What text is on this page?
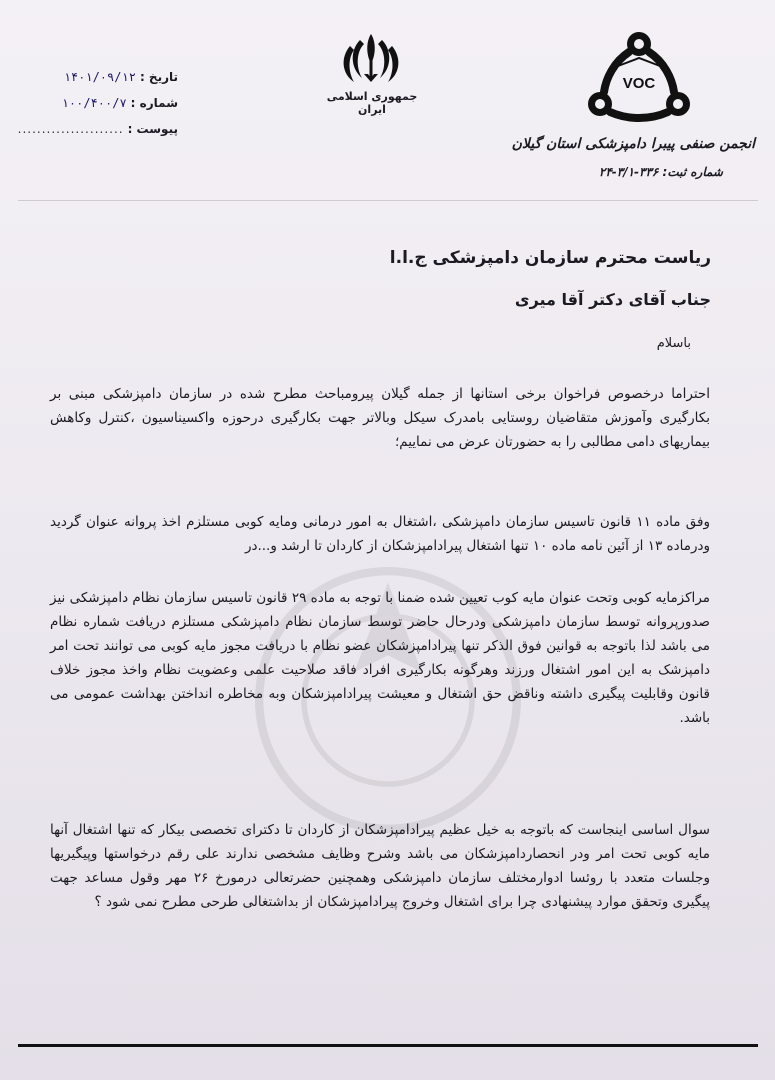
تاریخ :
۱۴۰۱/۰۹/۱۲
شماره :
۱۰۰/۴۰۰/۷
پیوست :
......................
جمهوری اسلامی ایران
VOC
انجمن صنفی پیبرا دامپزشکی استان گیلان
شماره ثبت: ۳۳۶-۳/۱-۲۴
ریاست محترم سازمان دامپزشکی ج.ا.ا
جناب آقای دکتر آقا میری
باسلام
احتراما درخصوص فراخوان برخی استانها از جمله گیلان پیرومباحث مطرح شده در سازمان دامپزشکی مبنی بر بکارگیری وآموزش متقاضیان روستایی بامدرک سیکل وبالاتر جهت بکارگیری درحوزه واکسیناسیون ،کنترل وکاهش بیماریهای دامی مطالبی را به حضورتان عرض می نماییم؛
وفق ماده ۱۱ قانون تاسیس سازمان دامپزشکی ،اشتغال به امور درمانی ومایه کوبی مستلزم اخذ پروانه عنوان گردید ودرماده ۱۳ از آئین نامه ماده ۱۰ تنها اشتغال پیرادامپزشکان از کاردان تا ارشد و...در
مراکزمایه کوبی وتحت عنوان مایه کوب تعیین شده ضمنا با توجه به ماده ۲۹ قانون تاسیس سازمان نظام دامپزشکی نیز صدورپروانه توسط سازمان دامپزشکی ودرحال حاضر توسط سازمان نظام دامپزشکی مستلزم دریافت شماره نظام می باشد لذا باتوجه به قوانین فوق الذکر تنها پیرادامپزشکان عضو نظام با دریافت مجوز مایه کوبی می توانند تحت امر دامپزشک به این امور اشتغال ورزند وهرگونه بکارگیری افراد فاقد صلاحیت علمی وعضویت نظام واخذ مجوز خلاف قانون وقابلیت پیگیری داشته وناقض حق اشتغال و معیشت پیرادامپزشکان وبه مخاطره انداختن بهداشت عمومی می باشد.
سوال اساسی اینجاست که باتوجه به خیل عظیم پیرادامپزشکان از کاردان تا دکترای تخصصی بیکار که تنها اشتغال آنها مایه کوبی تحت امر ودر انحصاردامپزشکان می باشد وشرح وظایف مشخصی ندارند علی رقم درخواستها وپیگیریها وجلسات متعدد با روئسا ادوارمختلف سازمان دامپزشکی وهمچنین حضرتعالی درمورخ ۲۶ مهر وقول مساعد جهت پیگیری وتحقق موارد پیشنهادی چرا برای اشتغال وخروج پیرادامپزشکان از بداشتغالی طرحی مطرح نمی شود ؟
